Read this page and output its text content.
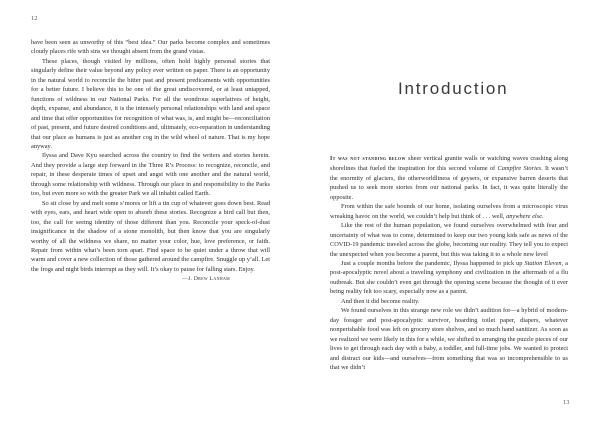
12

have been seen as unworthy of this “best idea.” Our parks become complex and sometimes cloudy places rife with sins we thought absent from the grand vistas.

These places, though visited by millions, often hold highly personal stories that singularly define their value beyond any policy ever written on paper. There is an opportunity in the natural world to reconcile the bitter past and present predicaments with opportunities for a better future. I believe this to be one of the great undiscovered, or at least untapped, functions of wildness in our National Parks. For all the wondrous superlatives of height, depth, expanse, and abundance, it is the intensely personal relationships with land and space and time that offer opportunities for recognition of what was, is, and might be—reconciliation of past, present, and future desired conditions and, ultimately, eco-reparation in understanding that our place as humans is just as another cog in the wild wheel of nature. That is my hope anyway.

Ilyssa and Dave Kyu searched across the country to find the writers and stories herein. And they provide a large step forward in the Three R’s Process: to recognize, reconcile, and repair, in these desperate times of upset and angst with one another and the natural world, through some relationship with wildness. Through our place in and responsibility to the Parks too, but even more so with the greater Park we all inhabit called Earth.

So sit close by and melt some s’mores or lift a tin cup of whatever goes down best. Read with eyes, ears, and heart wide open to absorb these stories. Recognize a bird call but then, too, the call for seeing identity of those different than you. Reconcile your speck-of-dust insignificance in the shadow of a stone monolith, but then know that you are singularly worthy of all the wildness we share, no matter your color, hue, love preference, or faith. Repair from within what’s been torn apart. Find space to be quiet under a throw that will warm and cover a new collection of those gathered around the campfire. Snuggle up y’all. Let the frogs and night birds interrupt as they will. It’s okay to pause for falling stars. Enjoy.

—J. Drew Lanham

Introduction

It was not standing below sheer vertical granite walls or watching waves crashing along shorelines that fueled the inspiration for this second volume of Campfire Stories. It wasn’t the enormity of glaciers, the otherworldliness of geysers, or expansive barren deserts that pushed us to seek more stories from our national parks. In fact, it was quite literally the opposite.

From within the safe bounds of our home, isolating ourselves from a microscopic virus wreaking havoc on the world, we couldn’t help but think of . . . well, anywhere else.

Like the rest of the human population, we found ourselves overwhelmed with fear and uncertainty of what was to come, determined to keep our two young kids safe as news of the COVID-19 pandemic traveled across the globe, becoming our reality. They tell you to expect the unexpected when you become a parent, but this was taking it to a whole new level

Just a couple months before the pandemic, Ilyssa happened to pick up Station Eleven, a post-apocalyptic novel about a traveling symphony and civilization in the aftermath of a flu outbreak. But she couldn’t even get through the opening scene because the thought of it ever being reality felt too scary, especially now as a parent.

And then it did become reality.

We found ourselves in this strange new role we didn’t audition for—a hybrid of modern-day forager and post-apocalyptic survivor, hoarding toilet paper, diapers, whatever nonperishable food was left on grocery store shelves, and so much hand sanitizer. As soon as we realized we were likely in this for a while, we shifted to arranging the puzzle pieces of our lives to get through each day with a baby, a toddler, and full-time jobs. We wanted to protect and distract our kids—and ourselves—from something that was so incomprehensible to us that we didn’t

13
